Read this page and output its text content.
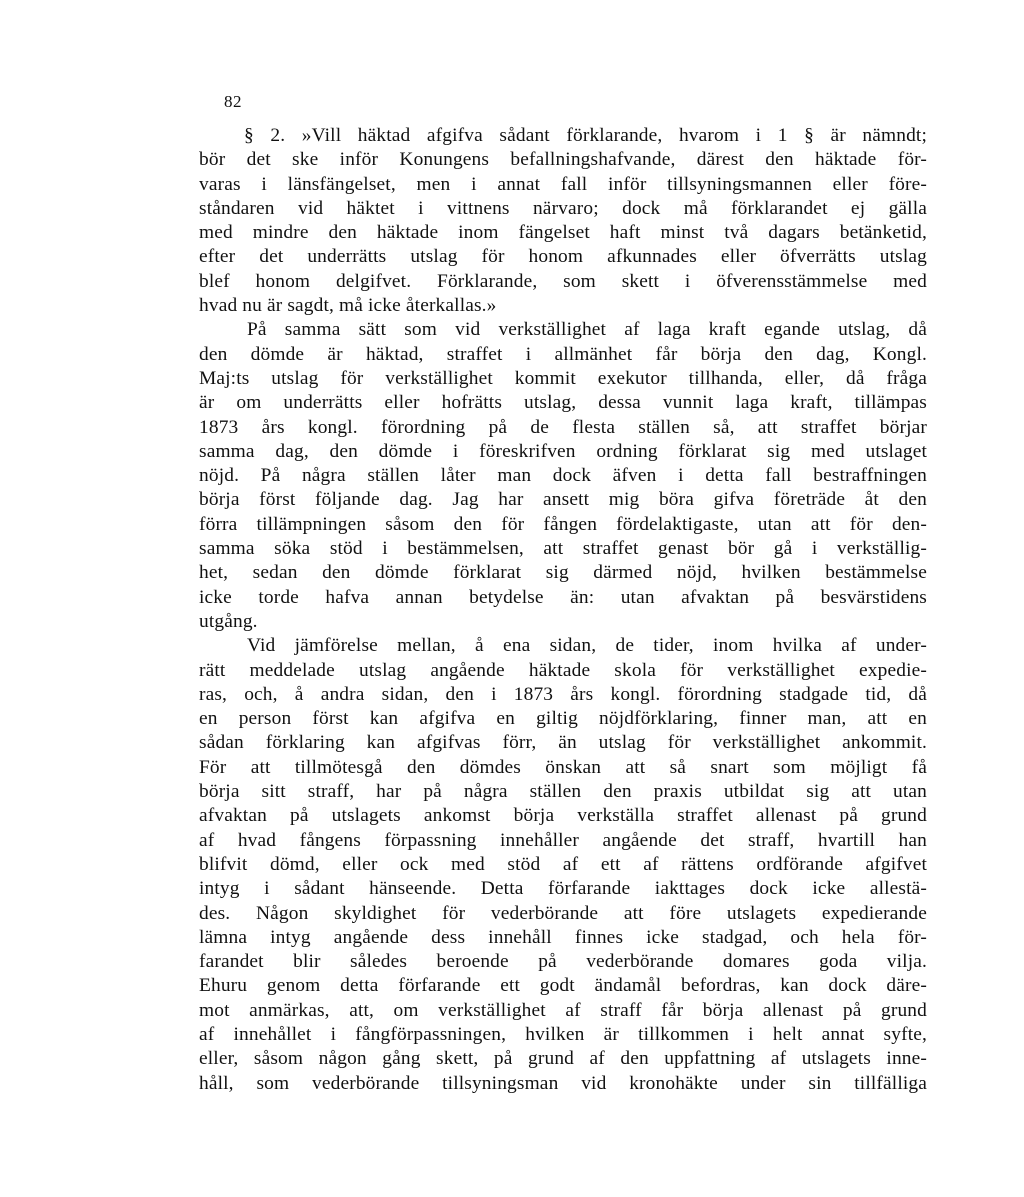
82
§ 2. »Vill häktad afgifva sådant förklarande, hvarom i 1 § är nämndt;
bör det ske inför Konungens befallningshafvande, därest den häktade för-
varas i länsfängelset, men i annat fall inför tillsyningsmannen eller före-
ståndaren vid häktet i vittnens närvaro; dock må förklarandet ej gälla
med mindre den häktade inom fängelset haft minst två dagars betänketid,
efter det underrätts utslag för honom afkunnades eller öfverrätts utslag
blef honom delgifvet. Förklarande, som skett i öfverensstämmelse med
hvad nu är sagdt, må icke återkallas.»
På samma sätt som vid verkställighet af laga kraft egande utslag, då
den dömde är häktad, straffet i allmänhet får börja den dag, Kongl.
Maj:ts utslag för verkställighet kommit exekutor tillhanda, eller, då fråga
är om underrätts eller hofrätts utslag, dessa vunnit laga kraft, tillämpas
1873 års kongl. förordning på de flesta ställen så, att straffet börjar
samma dag, den dömde i föreskrifven ordning förklarat sig med utslaget
nöjd. På några ställen låter man dock äfven i detta fall bestraffningen
börja först följande dag. Jag har ansett mig böra gifva företräde åt den
förra tillämpningen såsom den för fången fördelaktigaste, utan att för den-
samma söka stöd i bestämmelsen, att straffet genast bör gå i verkställig-
het, sedan den dömde förklarat sig därmed nöjd, hvilken bestämmelse
icke torde hafva annan betydelse än: utan afvaktan på besvärstidens
utgång.
Vid jämförelse mellan, å ena sidan, de tider, inom hvilka af under-
rätt meddelade utslag angående häktade skola för verkställighet expedie-
ras, och, å andra sidan, den i 1873 års kongl. förordning stadgade tid, då
en person först kan afgifva en giltig nöjdförklaring, finner man, att en
sådan förklaring kan afgifvas förr, än utslag för verkställighet ankommit.
För att tillmötesgå den dömdes önskan att så snart som möjligt få
börja sitt straff, har på några ställen den praxis utbildat sig att utan
afvaktan på utslagets ankomst börja verkställa straffet allenast på grund
af hvad fångens förpassning innehåller angående det straff, hvartill han
blifvit dömd, eller ock med stöd af ett af rättens ordförande afgifvet
intyg i sådant hänseende. Detta förfarande iakttages dock icke allestä-
des. Någon skyldighet för vederbörande att före utslagets expedierande
lämna intyg angående dess innehåll finnes icke stadgad, och hela för-
farandet blir således beroende på vederbörande domares goda vilja.
Ehuru genom detta förfarande ett godt ändamål befordras, kan dock däre-
mot anmärkas, att, om verkställighet af straff får börja allenast på grund
af innehållet i fångförpassningen, hvilken är tillkommen i helt annat syfte,
eller, såsom någon gång skett, på grund af den uppfattning af utslagets inne-
håll, som vederbörande tillsyningsman vid kronohäkte under sin tillfälliga
